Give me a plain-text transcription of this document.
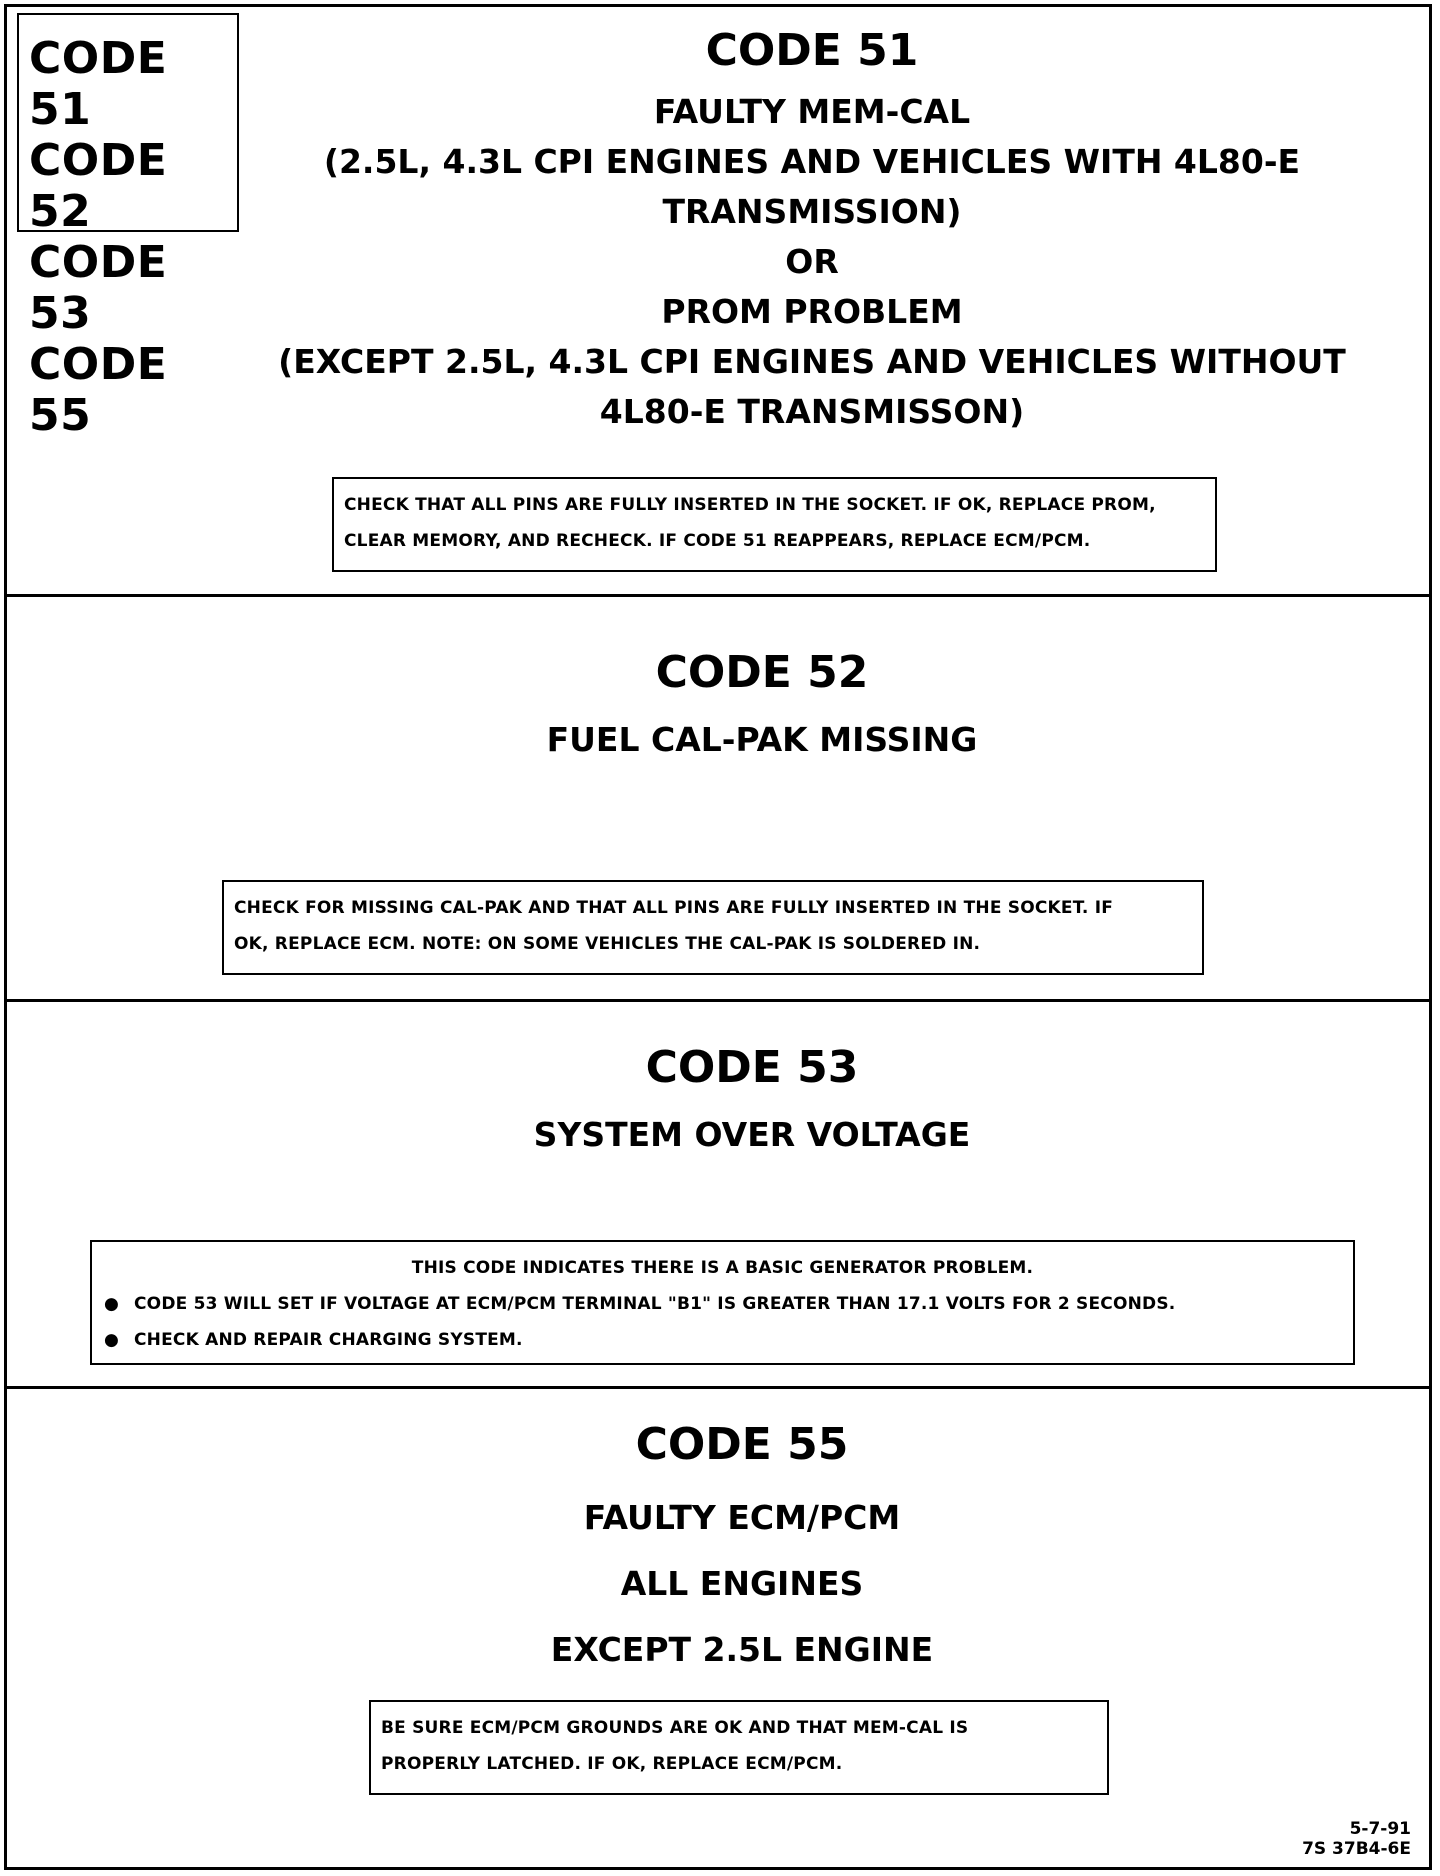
CODE 51
CODE 52
CODE 53
CODE 55
CODE 51
FAULTY MEM-CAL
(2.5L, 4.3L CPI ENGINES AND VEHICLES WITH 4L80-E
TRANSMISSION)
OR
PROM PROBLEM
(EXCEPT 2.5L, 4.3L CPI ENGINES AND VEHICLES WITHOUT
4L80-E TRANSMISSON)
CHECK THAT ALL PINS ARE FULLY INSERTED IN THE SOCKET. IF OK, REPLACE PROM,
CLEAR MEMORY, AND RECHECK. IF CODE 51 REAPPEARS, REPLACE ECM/PCM.
CODE 52
FUEL CAL-PAK MISSING
CHECK FOR MISSING CAL-PAK AND THAT ALL PINS ARE FULLY INSERTED IN THE SOCKET. IF
OK, REPLACE ECM. NOTE: ON SOME VEHICLES THE CAL-PAK IS SOLDERED IN.
CODE 53
SYSTEM OVER VOLTAGE
THIS CODE INDICATES THERE IS A BASIC GENERATOR PROBLEM.
● CODE 53 WILL SET IF VOLTAGE AT ECM/PCM TERMINAL "B1" IS GREATER THAN 17.1 VOLTS FOR 2 SECONDS.
● CHECK AND REPAIR CHARGING SYSTEM.
CODE 55
FAULTY ECM/PCM
ALL ENGINES
EXCEPT 2.5L ENGINE
BE SURE ECM/PCM GROUNDS ARE OK AND THAT MEM-CAL IS
PROPERLY LATCHED. IF OK, REPLACE ECM/PCM.
5-7-91
7S 37B4-6E
